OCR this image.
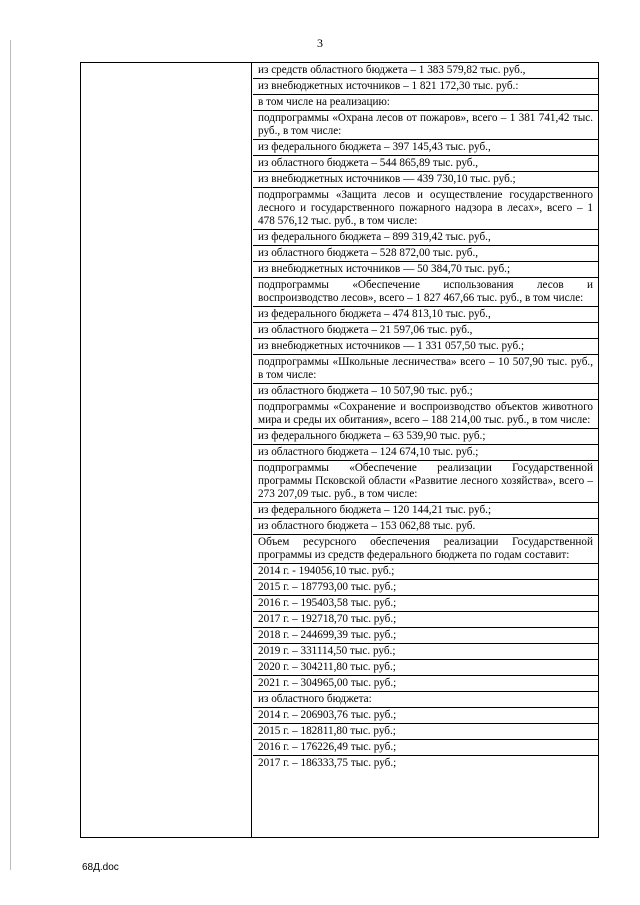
3
из средств областного бюджета – 1 383 579,82 тыс. руб.,
из внебюджетных источников – 1 821 172,30 тыс. руб.:
в том числе на реализацию:
подпрограммы «Охрана лесов от пожаров», всего – 1 381 741,42 тыс. руб., в том числе:
из федерального бюджета – 397 145,43 тыс. руб.,
из областного бюджета – 544 865,89 тыс. руб.,
из внебюджетных источников — 439 730,10 тыс. руб.;
подпрограммы «Защита лесов и осуществление государственного лесного и государственного пожарного надзора в лесах», всего – 1 478 576,12 тыс. руб., в том числе:
из федерального бюджета – 899 319,42 тыс. руб.,
из областного бюджета – 528 872,00 тыс. руб.,
из внебюджетных источников — 50 384,70 тыс. руб.;
подпрограммы «Обеспечение использования лесов и воспроизводство лесов», всего – 1 827 467,66 тыс. руб., в том числе:
из федерального бюджета – 474 813,10 тыс. руб.,
из областного бюджета – 21 597,06 тыс. руб.,
из внебюджетных источников — 1 331 057,50 тыс. руб.;
подпрограммы «Школьные лесничества» всего – 10 507,90 тыс. руб., в том числе:
из областного бюджета – 10 507,90 тыс. руб.;
подпрограммы «Сохранение и воспроизводство объектов животного мира и среды их обитания», всего – 188 214,00 тыс. руб., в том числе:
из федерального бюджета – 63 539,90 тыс. руб.;
из областного бюджета – 124 674,10 тыс. руб.;
подпрограммы «Обеспечение реализации Государственной программы Псковской области «Развитие лесного хозяйства», всего – 273 207,09 тыс. руб., в том числе:
из федерального бюджета – 120 144,21 тыс. руб.;
из областного бюджета – 153 062,88 тыс. руб.
Объем ресурсного обеспечения реализации Государственной программы из средств федерального бюджета по годам составит:
2014 г. - 194056,10 тыс. руб.;
2015 г. – 187793,00 тыс. руб.;
2016 г. – 195403,58 тыс. руб.;
2017 г. – 192718,70 тыс. руб.;
2018 г. – 244699,39 тыс. руб.;
2019 г. – 331114,50 тыс. руб.;
2020 г. – 304211,80 тыс. руб.;
2021 г. – 304965,00 тыс. руб.;
из областного бюджета:
2014 г. – 206903,76 тыс. руб.;
2015 г. – 182811,80 тыс. руб.;
2016 г. – 176226,49 тыс. руб.;
2017 г. – 186333,75 тыс. руб.;
68Д.doc
